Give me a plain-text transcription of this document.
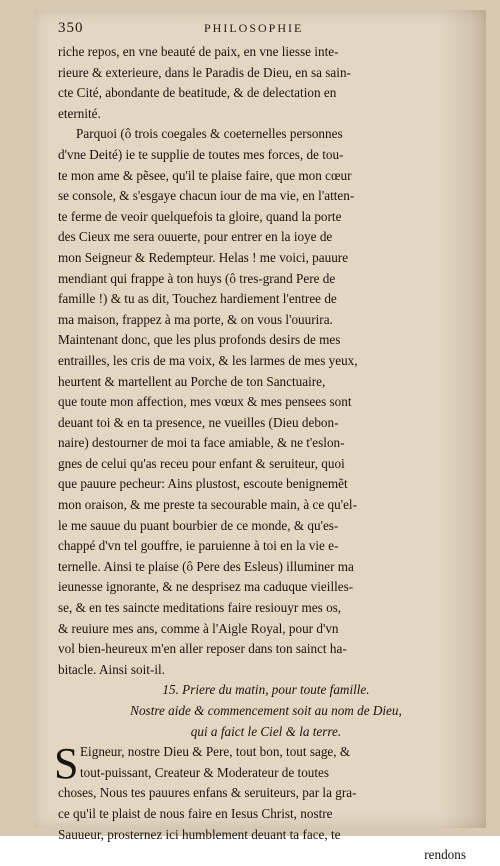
350	PHILOSOPHIE
riche repos, en vne beauté de paix, en vne liesse inte-
rieure & exterieure, dans le Paradis de Dieu, en sa sain-
cte Cité, abondante de beatitude, & de delectation en
eternité.
Parquoi (ô trois coegales & coeternelles personnes
d'vne Deité) ie te supplie de toutes mes forces, de tou-
te mon ame & pẽsee, qu'il te plaise faire, que mon cœur
se console, & s'esgaye chacun iour de ma vie, en l'atten-
te ferme de veoir quelquefois ta gloire, quand la porte
des Cieux me sera ouuerte, pour entrer en la ioye de
mon Seigneur & Redempteur. Helas ! me voici, pauure
mendiant qui frappe à ton huys (ô tres-grand Pere de
famille !) & tu as dit, Touchez hardiement l'entree de
ma maison, frappez à ma porte, & on vous l'ouurira.
Maintenant donc, que les plus profonds desirs de mes
entrailles, les cris de ma voix, & les larmes de mes yeux,
heurtent & martellent au Porche de ton Sanctuaire,
que toute mon affection, mes vœux & mes pensees sont
deuant toi & en ta presence, ne vueilles (Dieu debon-
naire) destourner de moi ta face amiable, & ne t'eslon-
gnes de celui qu'as receu pour enfant & seruiteur, quoi
que pauure pecheur: Ains plustost, escoute benignemẽt
mon oraison, & me preste ta secourable main, à ce qu'el-
le me sauue du puant bourbier de ce monde, & qu'es-
chappé d'vn tel gouffre, ie paruienne à toi en la vie e-
ternelle. Ainsi te plaise (ô Pere des Esleus) illuminer ma
ieunesse ignorante, & ne desprisez ma caduque vieilles-
se, & en tes saincte meditations faire resiouyr mes os,
& reuiure mes ans, comme à l'Aigle Royal, pour d'vn
vol bien-heureux m'en aller reposer dans ton sainct ha-
bitacle. Ainsi soit-il.
15. Priere du matin, pour toute famille.
Nostre aide & commencement soit au nom de Dieu,
qui a faict le Ciel & la terre.
S Eigneur, nostre Dieu & Pere, tout bon, tout sage, &
tout-puissant, Createur & Moderateur de toutes
choses, Nous tes pauures enfans & seruiteurs, par la gra-
ce qu'il te plaist de nous faire en Iesus Christ, nostre
Sauueur, prosternez ici humblement deuant ta face, te
rendons
